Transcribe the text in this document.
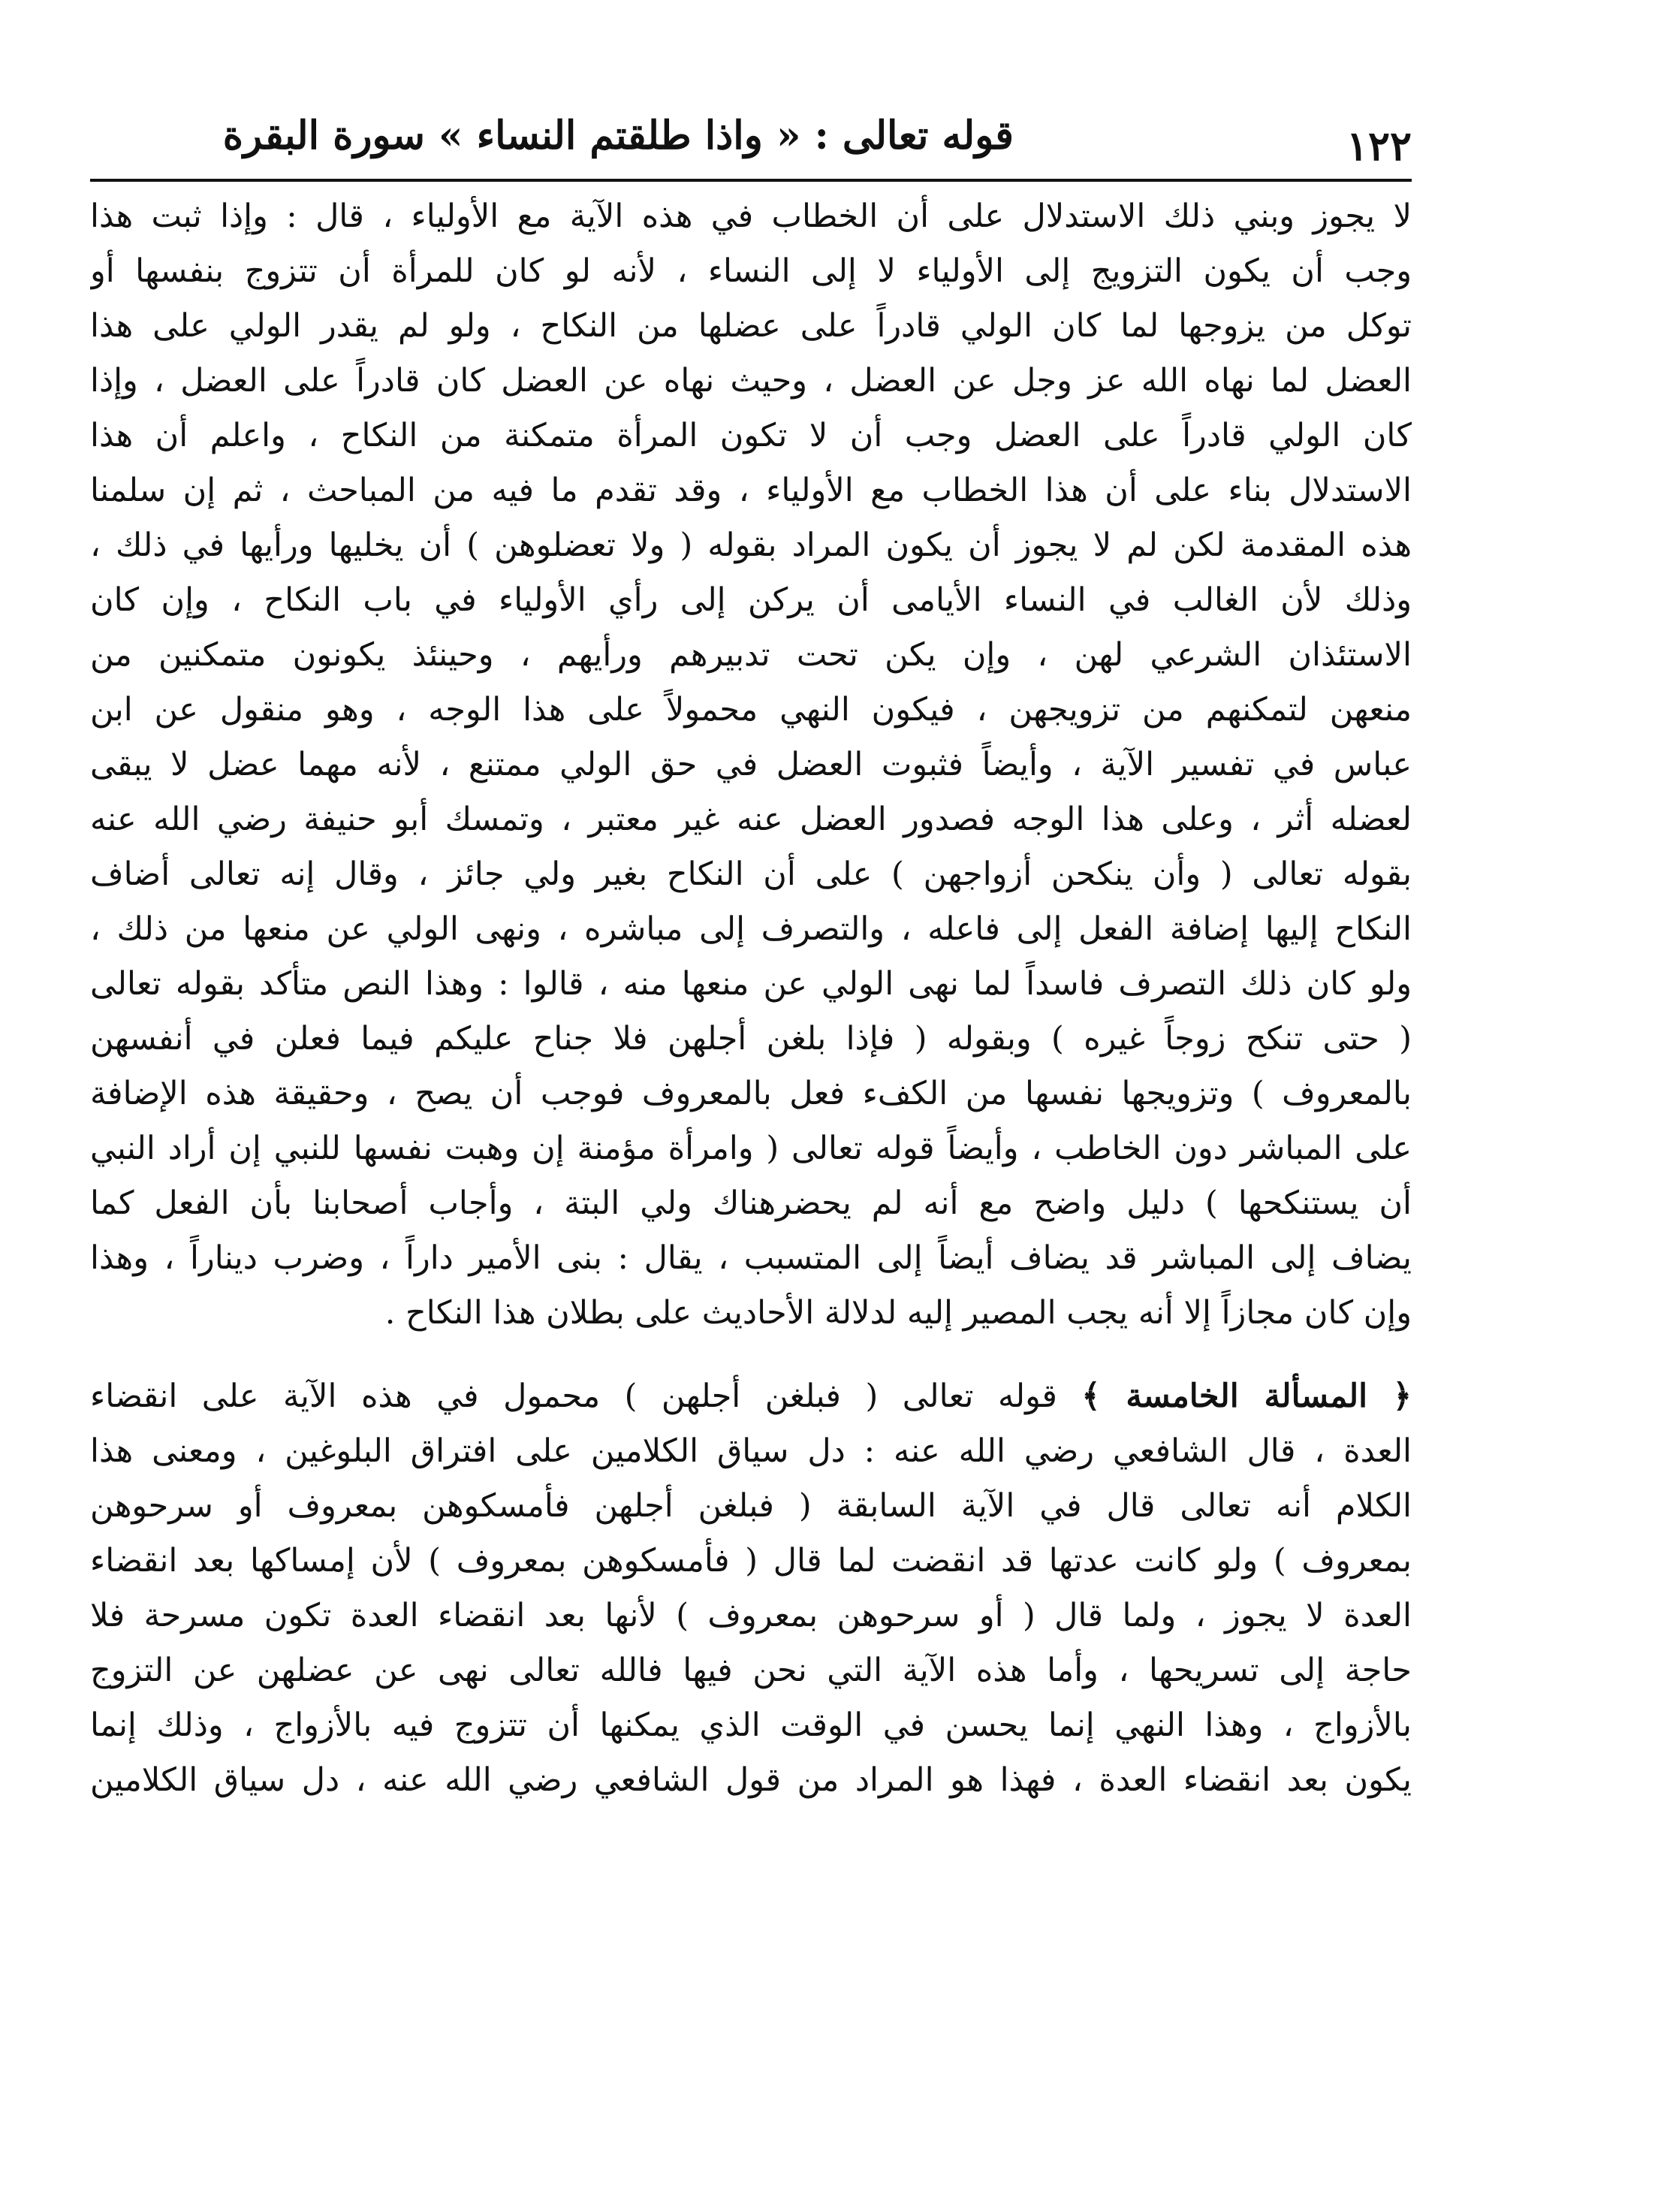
١٢٢
قوله تعالى : « واذا طلقتم النساء » سورة البقرة
لا يجوز وبني ذلك الاستدلال على أن الخطاب في هذه الآية مع الأولياء ، قال : وإذا ثبت هذا
وجب أن يكون التزويج إلى الأولياء لا إلى النساء ، لأنه لو كان للمرأة أن تتزوج بنفسها أو
توكل من يزوجها لما كان الولي قادراً على عضلها من النكاح ، ولو لم يقدر الولي على هذا
العضل لما نهاه الله عز وجل عن العضل ، وحيث نهاه عن العضل كان قادراً على العضل ، وإذا
كان الولي قادراً على العضل وجب أن لا تكون المرأة متمكنة من النكاح ، واعلم أن هذا
الاستدلال بناء على أن هذا الخطاب مع الأولياء ، وقد تقدم ما فيه من المباحث ، ثم إن سلمنا
هذه المقدمة لكن لم لا يجوز أن يكون المراد بقوله ( ولا تعضلوهن ) أن يخليها ورأيها في ذلك ،
وذلك لأن الغالب في النساء الأيامى أن يركن إلى رأي الأولياء في باب النكاح ، وإن كان
الاستئذان الشرعي لهن ، وإن يكن تحت تدبيرهم ورأيهم ، وحينئذ يكونون متمكنين من
منعهن لتمكنهم من تزويجهن ، فيكون النهي محمولاً على هذا الوجه ، وهو منقول عن ابن
عباس في تفسير الآية ، وأيضاً فثبوت العضل في حق الولي ممتنع ، لأنه مهما عضل لا يبقى
لعضله أثر ، وعلى هذا الوجه فصدور العضل عنه غير معتبر ، وتمسك أبو حنيفة رضي الله عنه
بقوله تعالى ( وأن ينكحن أزواجهن ) على أن النكاح بغير ولي جائز ، وقال إنه تعالى أضاف
النكاح إليها إضافة الفعل إلى فاعله ، والتصرف إلى مباشره ، ونهى الولي عن منعها من ذلك ،
ولو كان ذلك التصرف فاسداً لما نهى الولي عن منعها منه ، قالوا : وهذا النص متأكد بقوله تعالى
( حتى تنكح زوجاً غيره ) وبقوله ( فإذا بلغن أجلهن فلا جناح عليكم فيما فعلن في أنفسهن
بالمعروف ) وتزويجها نفسها من الكفء فعل بالمعروف فوجب أن يصح ، وحقيقة هذه الإضافة
على المباشر دون الخاطب ، وأيضاً قوله تعالى ( وامرأة مؤمنة إن وهبت نفسها للنبي إن أراد النبي
أن يستنكحها ) دليل واضح مع أنه لم يحضرهناك ولي البتة ، وأجاب أصحابنا بأن الفعل كما
يضاف إلى المباشر قد يضاف أيضاً إلى المتسبب ، يقال : بنى الأمير داراً ، وضرب ديناراً ، وهذا
وإن كان مجازاً إلا أنه يجب المصير إليه لدلالة الأحاديث على بطلان هذا النكاح .
﴿ المسألة الخامسة ﴾ قوله تعالى ( فبلغن أجلهن ) محمول في هذه الآية على انقضاء
العدة ، قال الشافعي رضي الله عنه : دل سياق الكلامين على افتراق البلوغين ، ومعنى هذا
الكلام أنه تعالى قال في الآية السابقة ( فبلغن أجلهن فأمسكوهن بمعروف أو سرحوهن
بمعروف ) ولو كانت عدتها قد انقضت لما قال ( فأمسكوهن بمعروف ) لأن إمساكها بعد انقضاء
العدة لا يجوز ، ولما قال ( أو سرحوهن بمعروف ) لأنها بعد انقضاء العدة تكون مسرحة فلا
حاجة إلى تسريحها ، وأما هذه الآية التي نحن فيها فالله تعالى نهى عن عضلهن عن التزوج
بالأزواج ، وهذا النهي إنما يحسن في الوقت الذي يمكنها أن تتزوج فيه بالأزواج ، وذلك إنما
يكون بعد انقضاء العدة ، فهذا هو المراد من قول الشافعي رضي الله عنه ، دل سياق الكلامين
